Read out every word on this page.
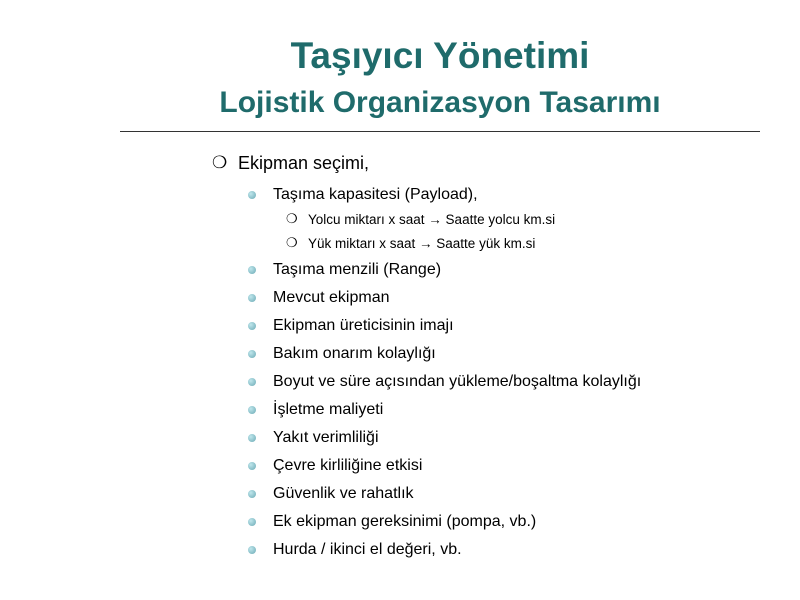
Taşıyıcı Yönetimi
Lojistik Organizasyon Tasarımı
❍ Ekipman seçimi,
Taşıma kapasitesi (Payload),
❍ Yolcu miktarı x saat → Saatte yolcu km.si
❍ Yük miktarı x saat → Saatte yük km.si
Taşıma menzili (Range)
Mevcut ekipman
Ekipman üreticisinin imajı
Bakım onarım kolaylığı
Boyut ve süre açısından yükleme/boşaltma kolaylığı
İşletme maliyeti
Yakıt verimliliği
Çevre kirliliğine etkisi
Güvenlik ve rahatlık
Ek ekipman gereksinimi (pompa, vb.)
Hurda / ikinci el değeri, vb.
